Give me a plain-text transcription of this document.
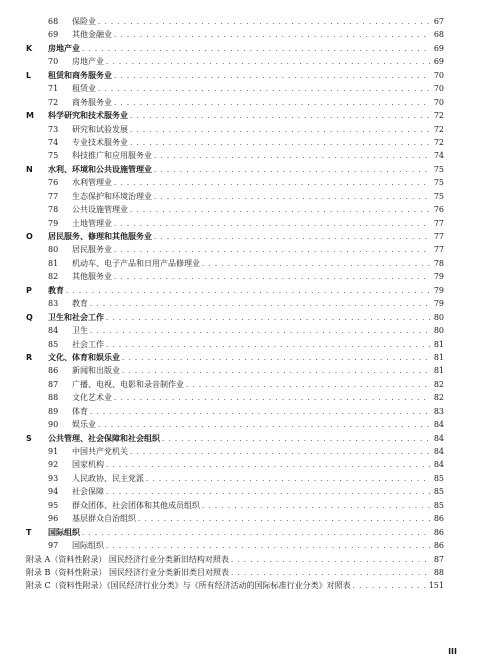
68	保险业 . . .	67
69	其他金融业 . . .	68
K 房地产业 . . .	69
70	房地产业 . . .	69
L 租赁和商务服务业 . . .	70
71	租赁业 . . .	70
72	商务服务业 . . .	70
M 科学研究和技术服务业 . . .	72
73	研究和试验发展 . . .	72
74	专业技术服务业 . . .	72
75	科技推广和应用服务业 . . .	74
N 水利、环境和公共设施管理业 . . .	75
76	水利管理业 . . .	75
77	生态保护和环境治理业 . . .	75
78	公共设施管理业 . . .	76
79	土地管理业 . . .	77
O 居民服务、修理和其他服务业 . . .	77
80	居民服务业 . . .	77
81	机动车、电子产品和日用产品修理业 . . .	78
82	其他服务业 . . .	79
P 教育 . . .	79
83	教育 . . .	79
Q 卫生和社会工作 . . .	80
84	卫生 . . .	80
85	社会工作 . . .	81
R 文化、体育和娱乐业 . . .	81
86	新闻和出版业 . . .	81
87	广播、电视、电影和录音制作业 . . .	82
88	文化艺术业 . . .	82
89	体育 . . .	83
90	娱乐业 . . .	84
S 公共管理、社会保障和社会组织 . . .	84
91	中国共产党机关 . . .	84
92	国家机构 . . .	84
93	人民政协、民主党派 . . .	85
94	社会保障 . . .	85
95	群众团体、社会团体和其他成员组织 . . .	85
96	基层群众自治组织 . . .	86
T 国际组织 . . .	86
97	国际组织 . . .	86
附录 A（资料性附录） 国民经济行业分类新旧结构对照表 . . .	87
附录 B（资料性附录） 国民经济行业分类新旧类目对照表 . . .	88
附录 C（资料性附录）《国民经济行业分类》与《所有经济活动的国际标准行业分类》对照表 . . .	151
III
